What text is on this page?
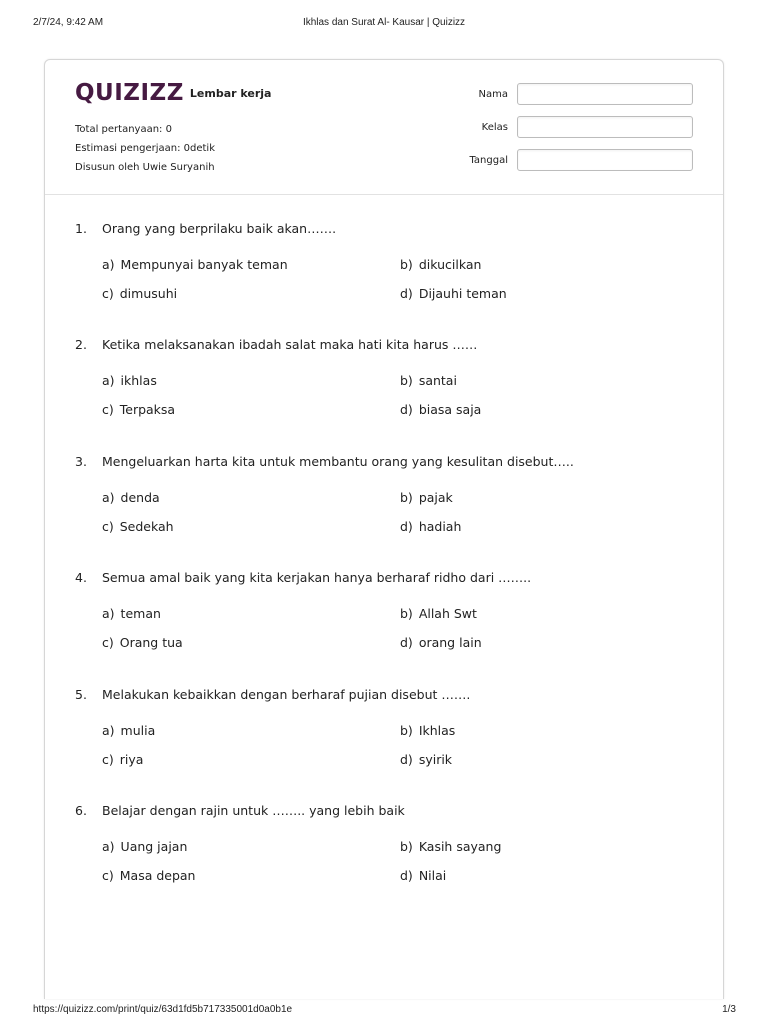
2/7/24, 9:42 AM	Ikhlas dan Surat Al- Kausar | Quizizz
QUIZIZZ Lembar kerja
Total pertanyaan: 0
Estimasi pengerjaan: 0detik
Disusun oleh Uwie Suryanih
Nama
Kelas
Tanggal
1.	Orang yang berprilaku baik akan…….
a) Mempunyai banyak teman	b) dikucilkan
c) dimusuhi	d) Dijauhi teman
2.	Ketika melaksanakan ibadah salat maka hati kita harus ……
a) ikhlas	b) santai
c) Terpaksa	d) biasa saja
3.	Mengeluarkan harta kita untuk membantu orang yang kesulitan disebut…..
a) denda	b) pajak
c) Sedekah	d) hadiah
4.	Semua amal baik yang kita kerjakan hanya berharaf ridho dari ……..
a) teman	b) Allah Swt
c) Orang tua	d) orang lain
5.	Melakukan kebaikkan dengan berharaf pujian disebut …….
a) mulia	b) Ikhlas
c) riya	d) syirik
6.	Belajar dengan rajin untuk …….. yang lebih baik
a) Uang jajan	b) Kasih sayang
c) Masa depan	d) Nilai
https://quizizz.com/print/quiz/63d1fd5b717335001d0a0b1e	1/3
